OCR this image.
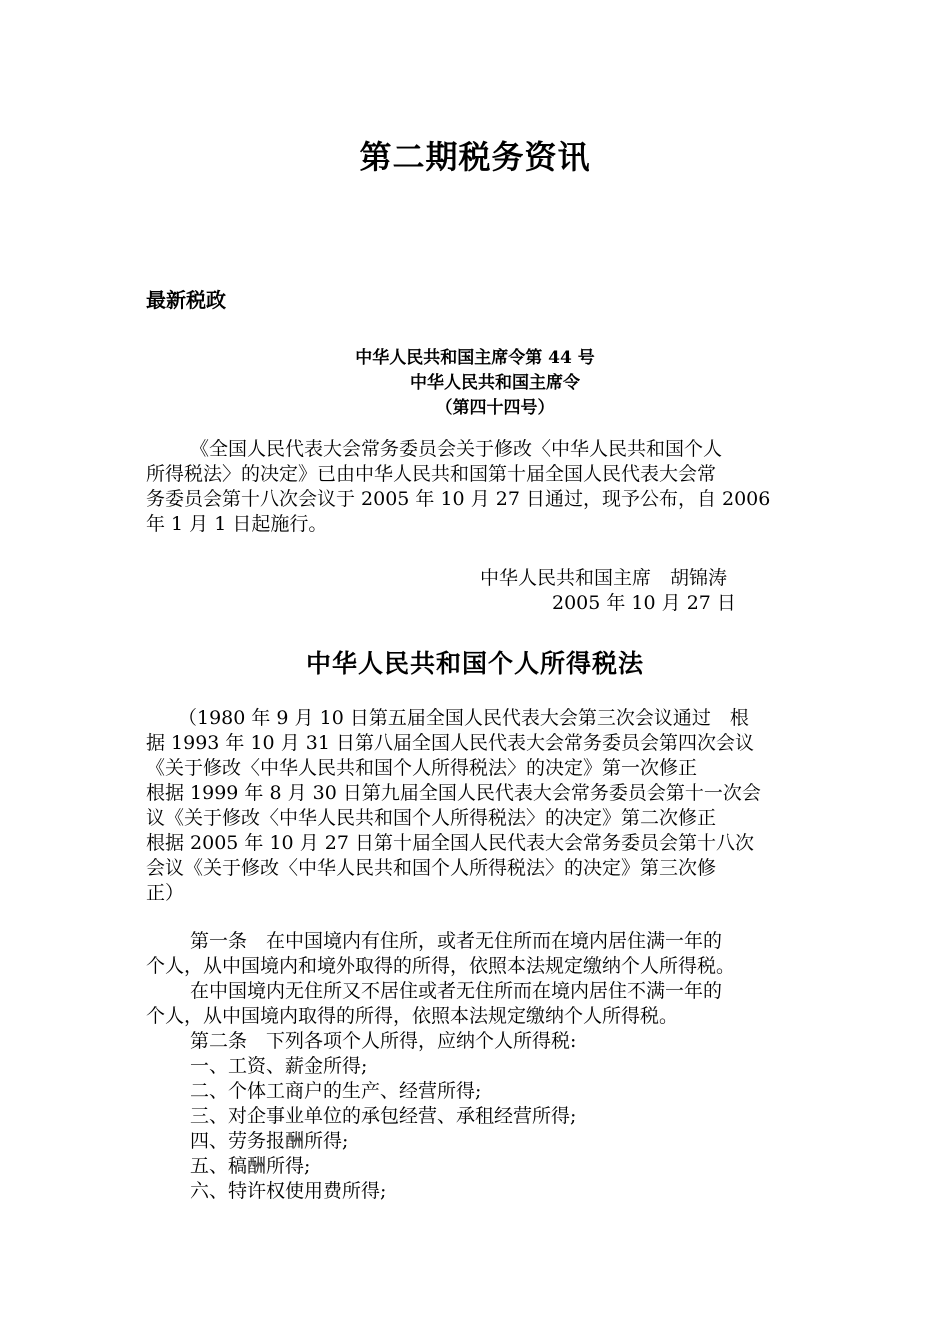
第二期税务资讯
最新税政
中华人民共和国主席令第 44 号
中华人民共和国主席令
（第四十四号）
《全国人民代表大会常务委员会关于修改〈中华人民共和国个人
所得税法〉的决定》已由中华人民共和国第十届全国人民代表大会常
务委员会第十八次会议于 2005 年 10 月 27 日通过，现予公布，自 2006
年 1 月 1 日起施行。
中华人民共和国主席　胡锦涛
2005 年 10 月 27 日
中华人民共和国个人所得税法
（1980 年 9 月 10 日第五届全国人民代表大会第三次会议通过　根
据 1993 年 10 月 31 日第八届全国人民代表大会常务委员会第四次会议
《关于修改〈中华人民共和国个人所得税法〉的决定》第一次修正
根据 1999 年 8 月 30 日第九届全国人民代表大会常务委员会第十一次会
议《关于修改〈中华人民共和国个人所得税法〉的决定》第二次修正
根据 2005 年 10 月 27 日第十届全国人民代表大会常务委员会第十八次
会议《关于修改〈中华人民共和国个人所得税法〉的决定》第三次修
正）
第一条　在中国境内有住所，或者无住所而在境内居住满一年的
个人，从中国境内和境外取得的所得，依照本法规定缴纳个人所得税。
在中国境内无住所又不居住或者无住所而在境内居住不满一年的
个人，从中国境内取得的所得，依照本法规定缴纳个人所得税。
第二条　下列各项个人所得，应纳个人所得税:
一、工资、薪金所得;
二、个体工商户的生产、经营所得;
三、对企事业单位的承包经营、承租经营所得;
四、劳务报酬所得;
五、稿酬所得;
六、特许权使用费所得;
